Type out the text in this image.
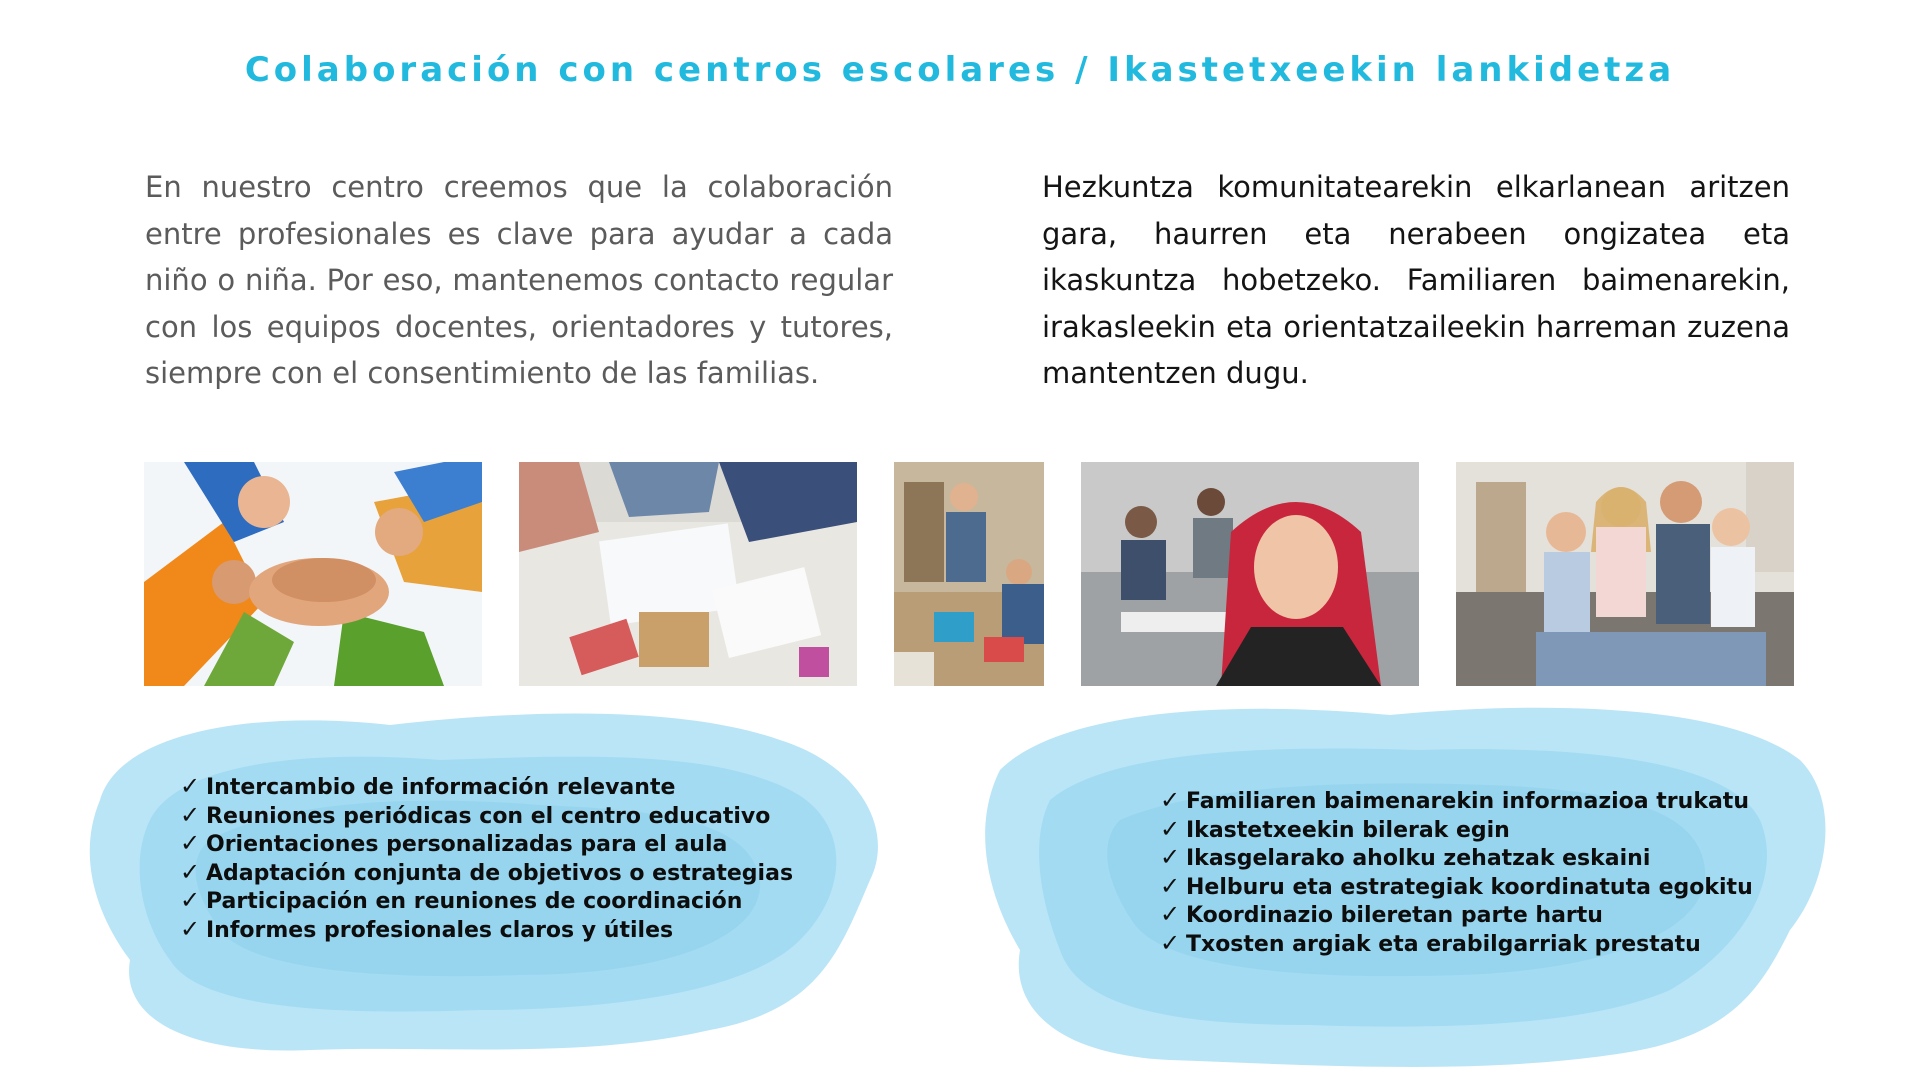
Colaboración con centros escolares / Ikastetxeekin lankidetza

En nuestro centro creemos que la colaboración entre profesionales es clave para ayudar a cada niño o niña. Por eso, mantenemos contacto regular con los equipos docentes, orientadores y tutores, siempre con el consentimiento de las familias.

Hezkuntza komunitatearekin elkarlanean aritzen gara, haurren eta nerabeen ongizatea eta ikaskuntza hobetzeko. Familiaren baimenarekin, irakasleekin eta orientatzaileekin harreman zuzena mantentzen dugu.

✓ Intercambio de información relevante
✓ Reuniones periódicas con el centro educativo
✓ Orientaciones personalizadas para el aula
✓ Adaptación conjunta de objetivos o estrategias
✓ Participación en reuniones de coordinación
✓ Informes profesionales claros y útiles
✓ Familiaren baimenarekin informazioa trukatu
✓ Ikastetxeekin bilerak egin
✓ Ikasgelarako aholku zehatzak eskaini
✓ Helburu eta estrategiak koordinatuta egokitu
✓ Koordinazio bileretan parte hartu
✓ Txosten argiak eta erabilgarriak prestatu
